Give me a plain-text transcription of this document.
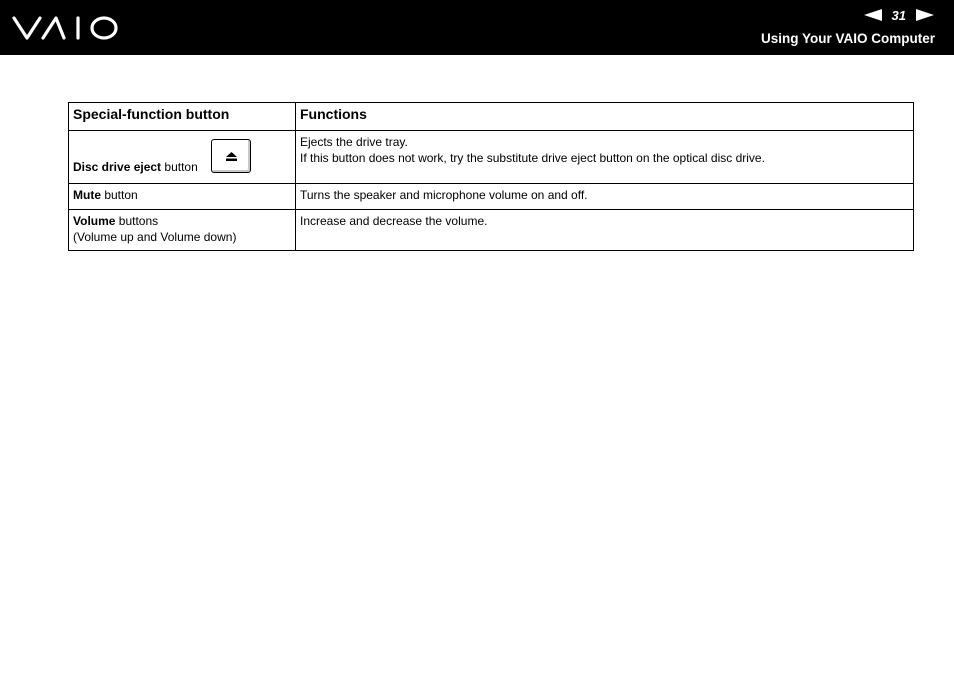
31
Using Your VAIO Computer
Special-function button	Functions

Disc drive eject button	Ejects the drive tray.
If this button does not work, try the substitute drive eject button on the optical disc drive.

Mute button	Turns the speaker and microphone volume on and off.

Volume buttons
(Volume up and Volume down)	Increase and decrease the volume.
